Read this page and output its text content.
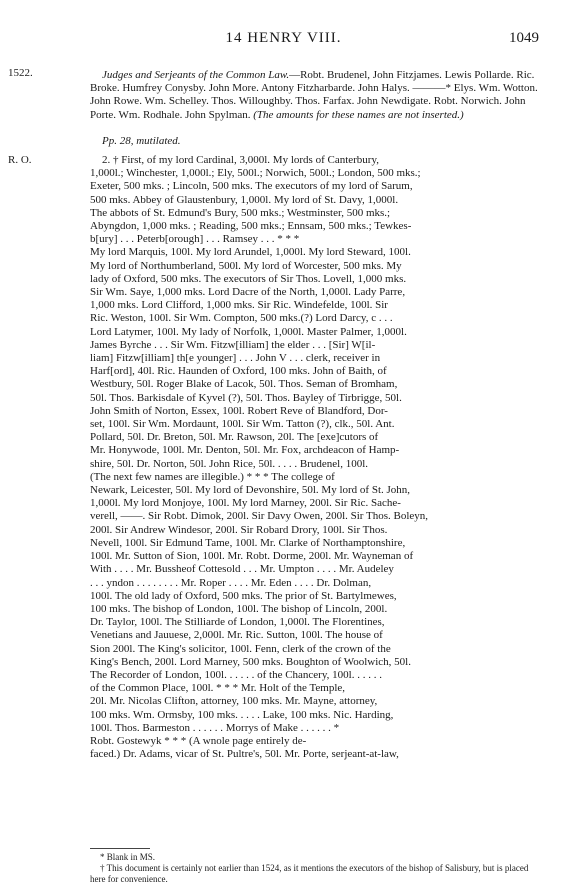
14 HENRY VIII.	1049
1522.
R. O.
Judges and Serjeants of the Common Law.—Robt. Brudenel, John Fitzjames. Lewis Pollarde. Ric. Broke. Humfrey Conysby. John More. Antony Fitzharbarde. John Halys. ———* Elys. Wm. Wotton. John Rowe. Wm. Schelley. Thos. Willoughby. Thos. Farfax. John Newdigate. Robt. Norwich. John Porte. Wm. Rodhale. John Spylman. (The amounts for these names are not inserted.)
Pp. 28, mutilated.
2. † First, of my lord Cardinal, 3,000l. My lords of Canterbury,
1,000l.; Winchester, 1,000l.; Ely, 500l.; Norwich, 500l.; London, 500 mks.;
Exeter, 500 mks. ; Lincoln, 500 mks. The executors of my lord of Sarum,
500 mks. Abbey of Glaustenbury, 1,000l. My lord of St. Davy, 1,000l.
The abbots of St. Edmund's Bury, 500 mks.; Westminster, 500 mks.;
Abyngdon, 1,000 mks. ; Reading, 500 mks.; Ennsam, 500 mks.; Tewkes-
b[ury] . . . Peterb[orough] . . . Ramsey . . . * * *
My lord Marquis, 100l. My lord Arundel, 1,000l. My lord Steward, 100l.
My lord of Northumberland, 500l. My lord of Worcester, 500 mks. My
lady of Oxford, 500 mks. The executors of Sir Thos. Lovell, 1,000 mks.
Sir Wm. Saye, 1,000 mks. Lord Dacre of the North, 1,000l. Lady Parre,
1,000 mks. Lord Clifford, 1,000 mks. Sir Ric. Windefelde, 100l. Sir
Ric. Weston, 100l. Sir Wm. Compton, 500 mks.(?) Lord Darcy, c . . .
Lord Latymer, 100l. My lady of Norfolk, 1,000l. Master Palmer, 1,000l.
James Byrche . . . Sir Wm. Fitzw[illiam] the elder . . . [Sir] W[il-
liam] Fitzw[illiam] th[e younger] . . . John V . . . clerk, receiver in
Harf[ord], 40l. Ric. Haunden of Oxford, 100 mks. John of Baith, of
Westbury, 50l. Roger Blake of Lacok, 50l. Thos. Seman of Bromham,
50l. Thos. Barkisdale of Kyvel (?), 50l. Thos. Bayley of Tirbrigge, 50l.
John Smith of Norton, Essex, 100l. Robert Reve of Blandford, Dor-
set, 100l. Sir Wm. Mordaunt, 100l. Sir Wm. Tatton (?), clk., 50l. Ant.
Pollard, 50l. Dr. Breton, 50l. Mr. Rawson, 20l. The [exe]cutors of
Mr. Honywode, 100l. Mr. Denton, 50l. Mr. Fox, archdeacon of Hamp-
shire, 50l. Dr. Norton, 50l. John Rice, 50l. . . . . Brudenel, 100l.
(The next few names are illegible.) * * * The college of
Newark, Leicester, 50l. My lord of Devonshire, 50l. My lord of St. John,
1,000l. My lord Monjoye, 100l. My lord Marney, 200l. Sir Ric. Sache-
verell, ——. Sir Robt. Dimok, 200l. Sir Davy Owen, 200l. Sir Thos. Boleyn,
200l. Sir Andrew Windesor, 200l. Sir Robard Drory, 100l. Sir Thos.
Nevell, 100l. Sir Edmund Tame, 100l. Mr. Clarke of Northamptonshire,
100l. Mr. Sutton of Sion, 100l. Mr. Robt. Dorme, 200l. Mr. Wayneman of
With . . . . Mr. Bussheof Cottesold . . . Mr. Umpton . . . . Mr. Audeley
. . . yndon . . . . . . . . Mr. Roper . . . . Mr. Eden . . . . Dr. Dolman,
100l. The old lady of Oxford, 500 mks. The prior of St. Bartylmewes,
100 mks. The bishop of London, 100l. The bishop of Lincoln, 200l.
Dr. Taylor, 100l. The Stilliarde of London, 1,000l. The Florentines,
Venetians and Jauuese, 2,000l. Mr. Ric. Sutton, 100l. The house of
Sion 200l. The King's solicitor, 100l. Fenn, clerk of the crown of the
King's Bench, 200l. Lord Marney, 500 mks. Boughton of Woolwich, 50l.
The Recorder of London, 100l. . . . . . of the Chancery, 100l. . . . . .
of the Common Place, 100l. * * * Mr. Holt of the Temple,
20l. Mr. Nicolas Clifton, attorney, 100 mks. Mr. Mayne, attorney,
100 mks. Wm. Ormsby, 100 mks. . . . . Lake, 100 mks. Nic. Harding,
100l. Thos. Barmeston . . . . . . Morrys of Make . . . . . . *
Robt. Gostewyk * * * (A wnole page entirely de-
faced.) Dr. Adams, vicar of St. Pultre's, 50l. Mr. Porte, serjeant-at-law,

* Blank in MS.

† This document is certainly not earlier than 1524, as it mentions the executors of the bishop of Salisbury, but is placed here for convenience.
